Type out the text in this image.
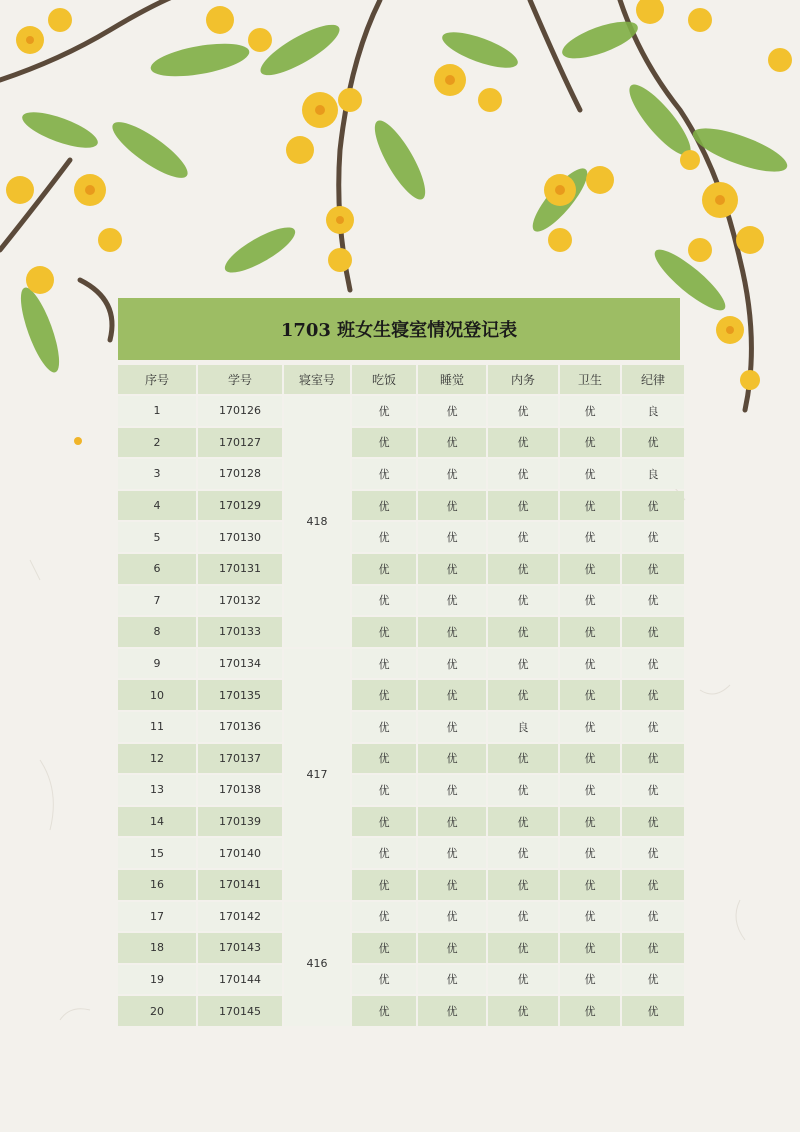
1703 班女生寝室情况登记表
序号	学号	寝室号	吃饭	睡觉	内务	卫生	纪律
1	170126	418	优	优	优	优	良
2	170127		优	优	优	优	优
3	170128		优	优	优	优	良
4	170129		优	优	优	优	优
5	170130		优	优	优	优	优
6	170131		优	优	优	优	优
7	170132		优	优	优	优	优
8	170133		优	优	优	优	优
9	170134	417	优	优	优	优	优
10	170135		优	优	优	优	优
11	170136		优	优	良	优	优
12	170137		优	优	优	优	优
13	170138		优	优	优	优	优
14	170139		优	优	优	优	优
15	170140		优	优	优	优	优
16	170141		优	优	优	优	优
17	170142	416	优	优	优	优	优
18	170143		优	优	优	优	优
19	170144		优	优	优	优	优
20	170145		优	优	优	优	优
